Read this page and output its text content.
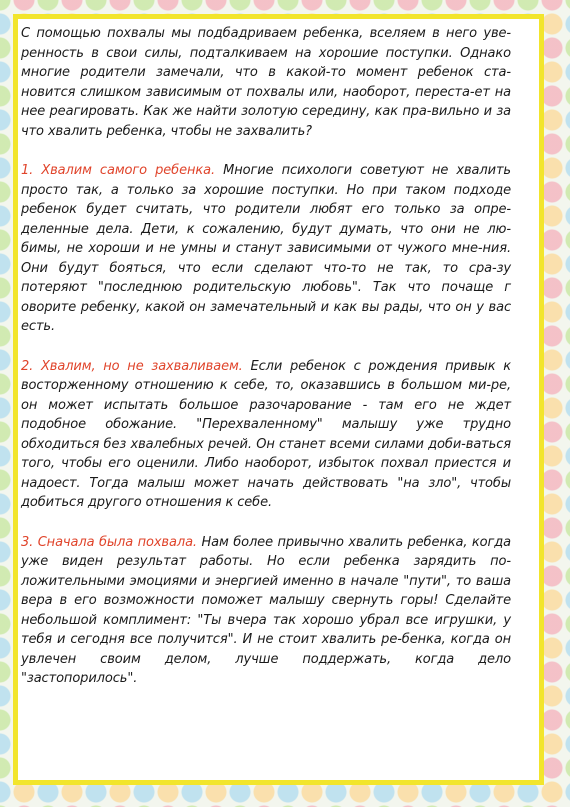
С помощью похвалы мы подбадриваем ребенка, вселяем в него уве-ренность в свои силы, подталкиваем на хорошие поступки. Однако многие родители замечали, что в какой-то момент ребенок ста-новится слишком зависимым от похвалы или, наоборот, переста-ет на нее реагировать. Как же найти золотую середину, как пра-вильно и за что хвалить ребенка, чтобы не захвалить?

1. Хвалим самого ребенка. Многие психологи советуют не хвалить просто так, а только за хорошие поступки. Но при таком подходе ребенок будет считать, что родители любят его только за опре-деленные дела. Дети, к сожалению, будут думать, что они не лю-бимы, не хороши и не умны и станут зависимыми от чужого мне-ния. Они будут бояться, что если сделают что-то не так, то сра-зу потеряют "последнюю родительскую любовь". Так что почаще г оворите ребенку, какой он замечательный и как вы рады, что он у вас есть.

2. Хвалим, но не захваливаем. Если ребенок с рождения привык к восторженному отношению к себе, то, оказавшись в большом ми-ре, он может испытать большое разочарование - там его не ждет подобное обожание. "Перехваленному" малышу уже трудно обходиться без хвалебных речей. Он станет всеми силами доби-ваться того, чтобы его оценили. Либо наоборот, избыток похвал приестся и надоест. Тогда малыш может начать действовать "на зло", чтобы добиться другого отношения к себе.

3. Сначала была похвала. Нам более привычно хвалить ребенка, когда уже виден результат работы. Но если ребенка зарядить по-ложительными эмоциями и энергией именно в начале "пути", то ваша вера в его возможности поможет малышу свернуть горы! Сделайте небольшой комплимент: "Ты вчера так хорошо убрал все игрушки, у тебя и сегодня все получится". И не стоит хвалить ре-бенка, когда он увлечен своим делом, лучше поддержать, когда дело "застопорилось".
